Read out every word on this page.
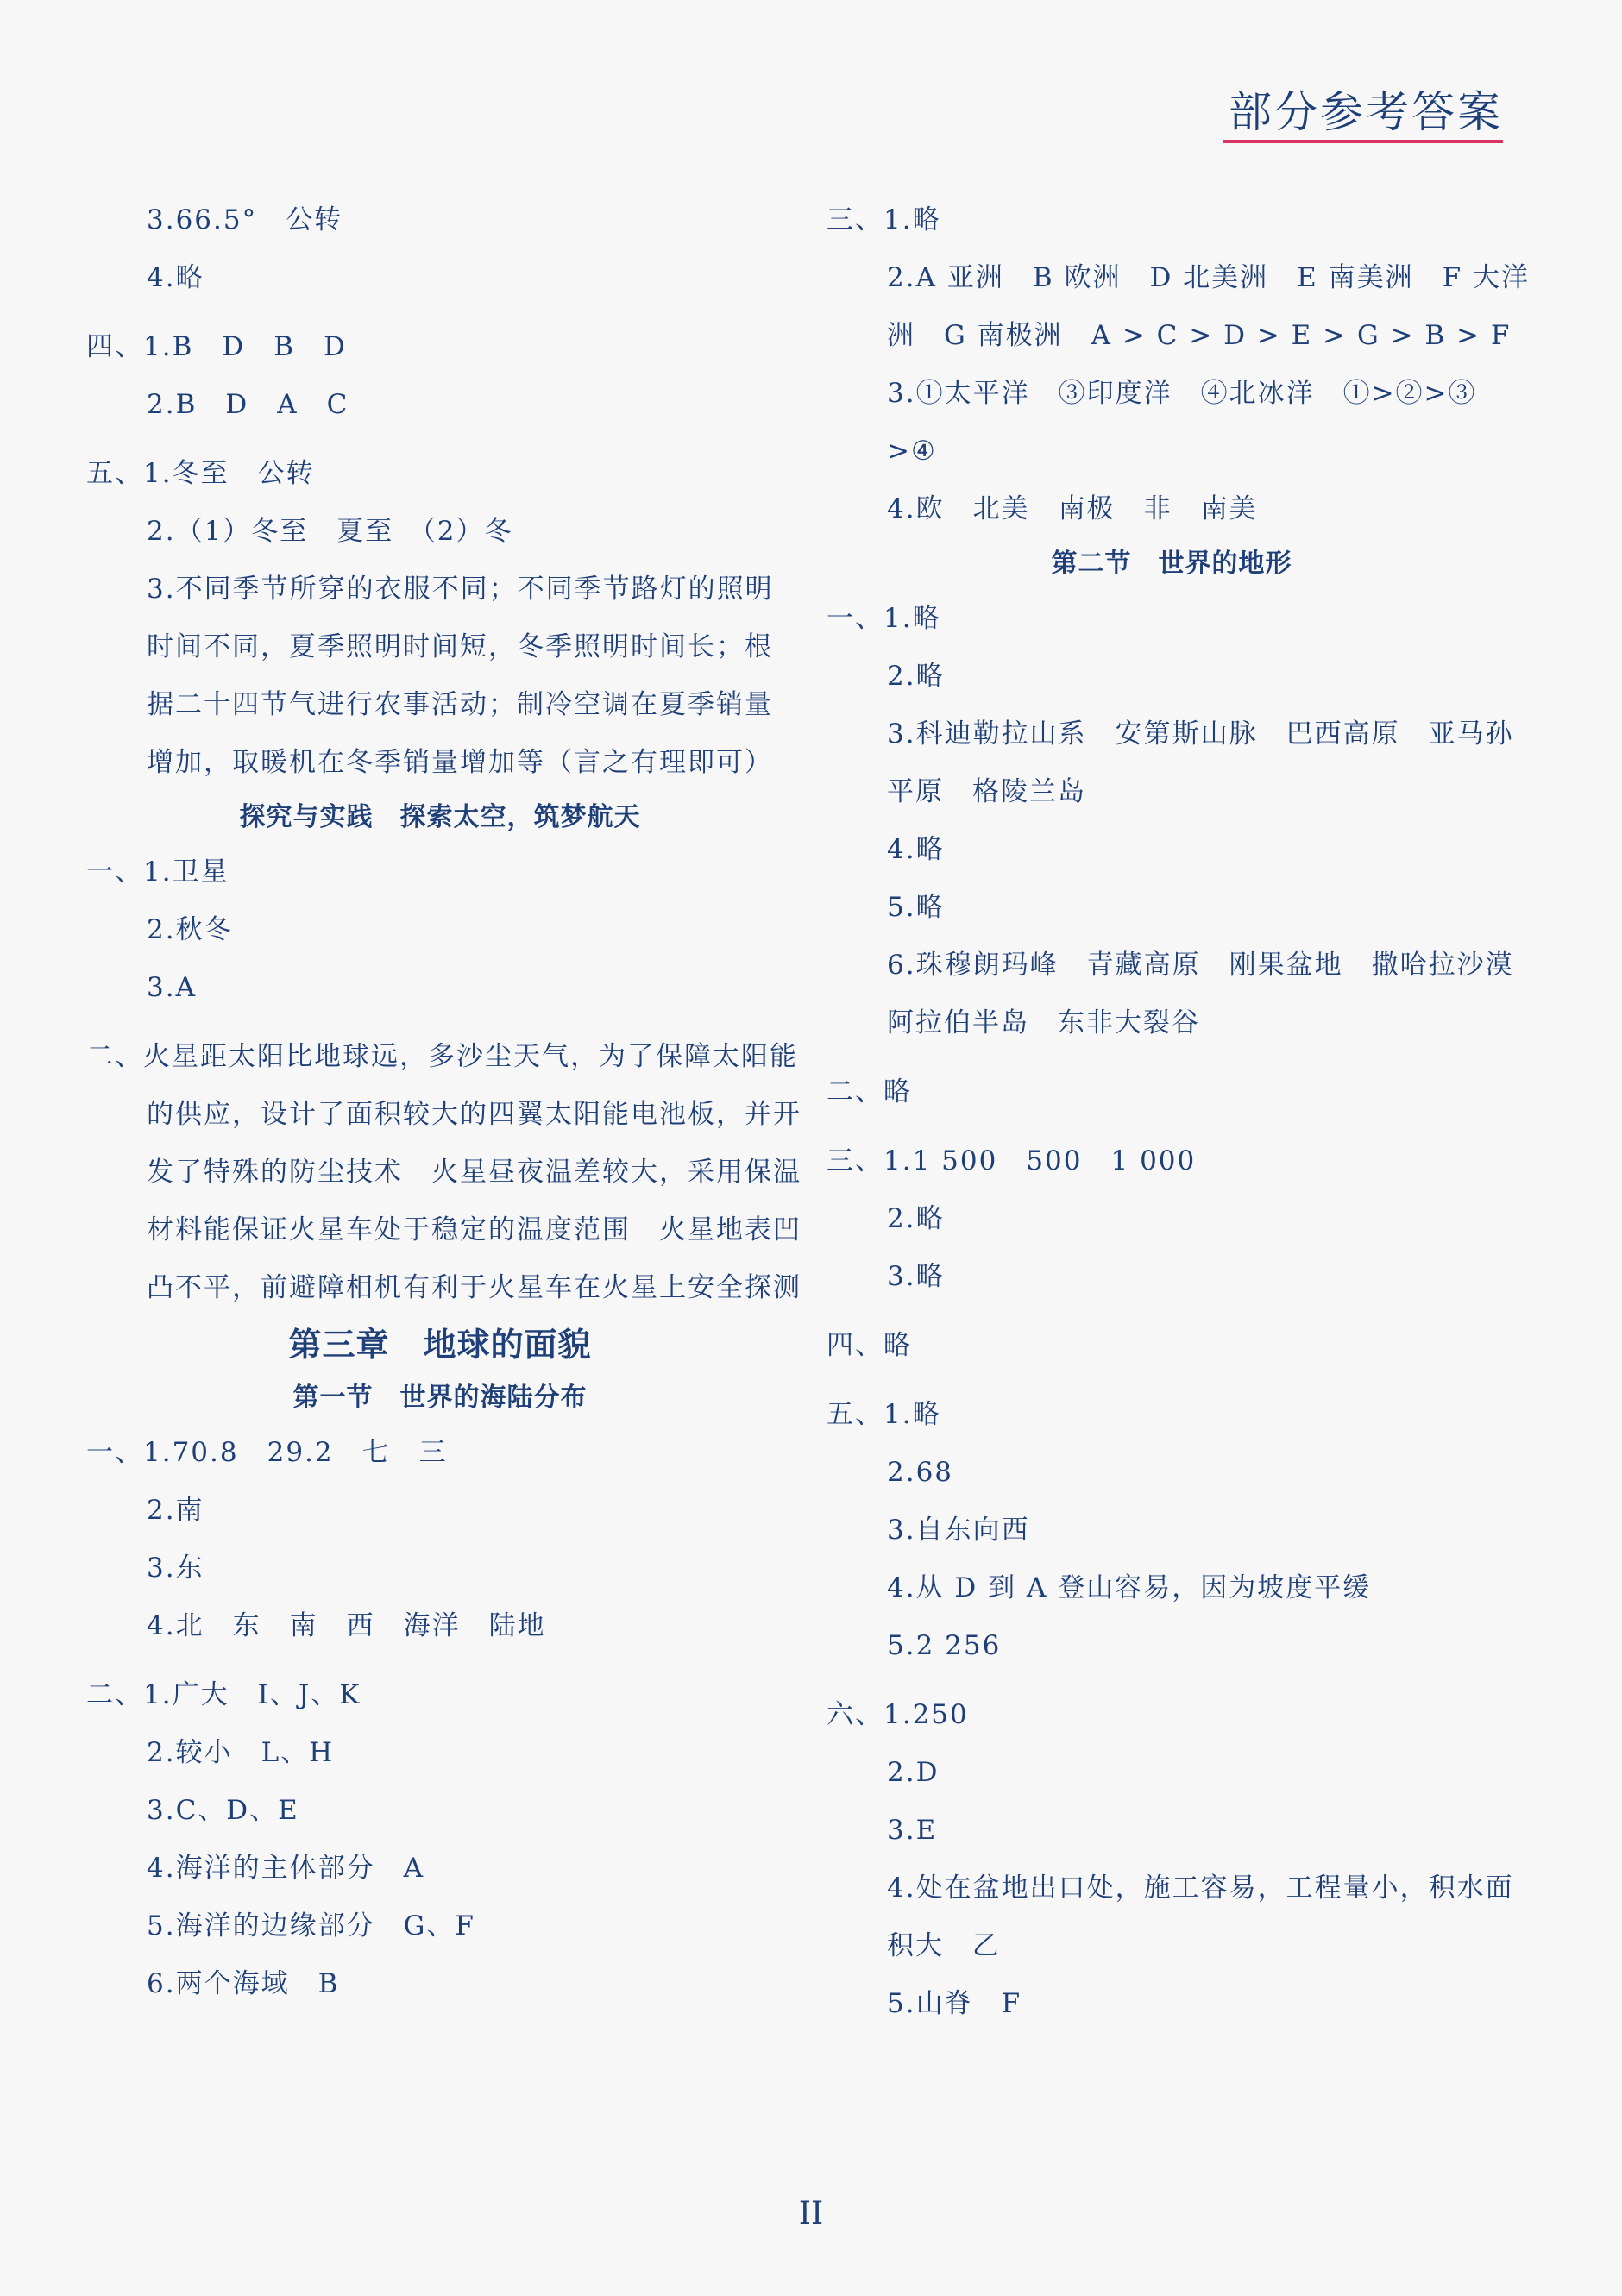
部分参考答案
3.66.5°　公转
4.略
四、1.B　D　B　D
2.B　D　A　C
五、1.冬至　公转
2.（1）冬至　夏至　（2）冬
3.不同季节所穿的衣服不同；不同季节路灯的照明
时间不同，夏季照明时间短，冬季照明时间长；根
据二十四节气进行农事活动；制冷空调在夏季销量
增加，取暖机在冬季销量增加等（言之有理即可）
探究与实践　探索太空，筑梦航天
一、1.卫星
2.秋冬
3.A
二、火星距太阳比地球远，多沙尘天气，为了保障太阳能
的供应，设计了面积较大的四翼太阳能电池板，并开
发了特殊的防尘技术　火星昼夜温差较大，采用保温
材料能保证火星车处于稳定的温度范围　火星地表凹
凸不平，前避障相机有利于火星车在火星上安全探测
第三章　地球的面貌
第一节　世界的海陆分布
一、1.70.8　29.2　七　三
2.南
3.东
4.北　东　南　西　海洋　陆地
二、1.广大　I、J、K
2.较小　L、H
3.C、D、E
4.海洋的主体部分　A
5.海洋的边缘部分　G、F
6.两个海域　B
三、1.略
2.A 亚洲　B 欧洲　D 北美洲　E 南美洲　F 大洋
洲　G 南极洲　A > C > D > E > G > B > F
3.①太平洋　③印度洋　④北冰洋　①>②>③
>④
4.欧　北美　南极　非　南美
第二节　世界的地形
一、1.略
2.略
3.科迪勒拉山系　安第斯山脉　巴西高原　亚马孙
平原　格陵兰岛
4.略
5.略
6.珠穆朗玛峰　青藏高原　刚果盆地　撒哈拉沙漠
阿拉伯半岛　东非大裂谷
二、略
三、1.1 500　500　1 000
2.略
3.略
四、略
五、1.略
2.68
3.自东向西
4.从 D 到 A 登山容易，因为坡度平缓
5.2 256
六、1.250
2.D
3.E
4.处在盆地出口处，施工容易，工程量小，积水面
积大　乙
5.山脊　F
II
